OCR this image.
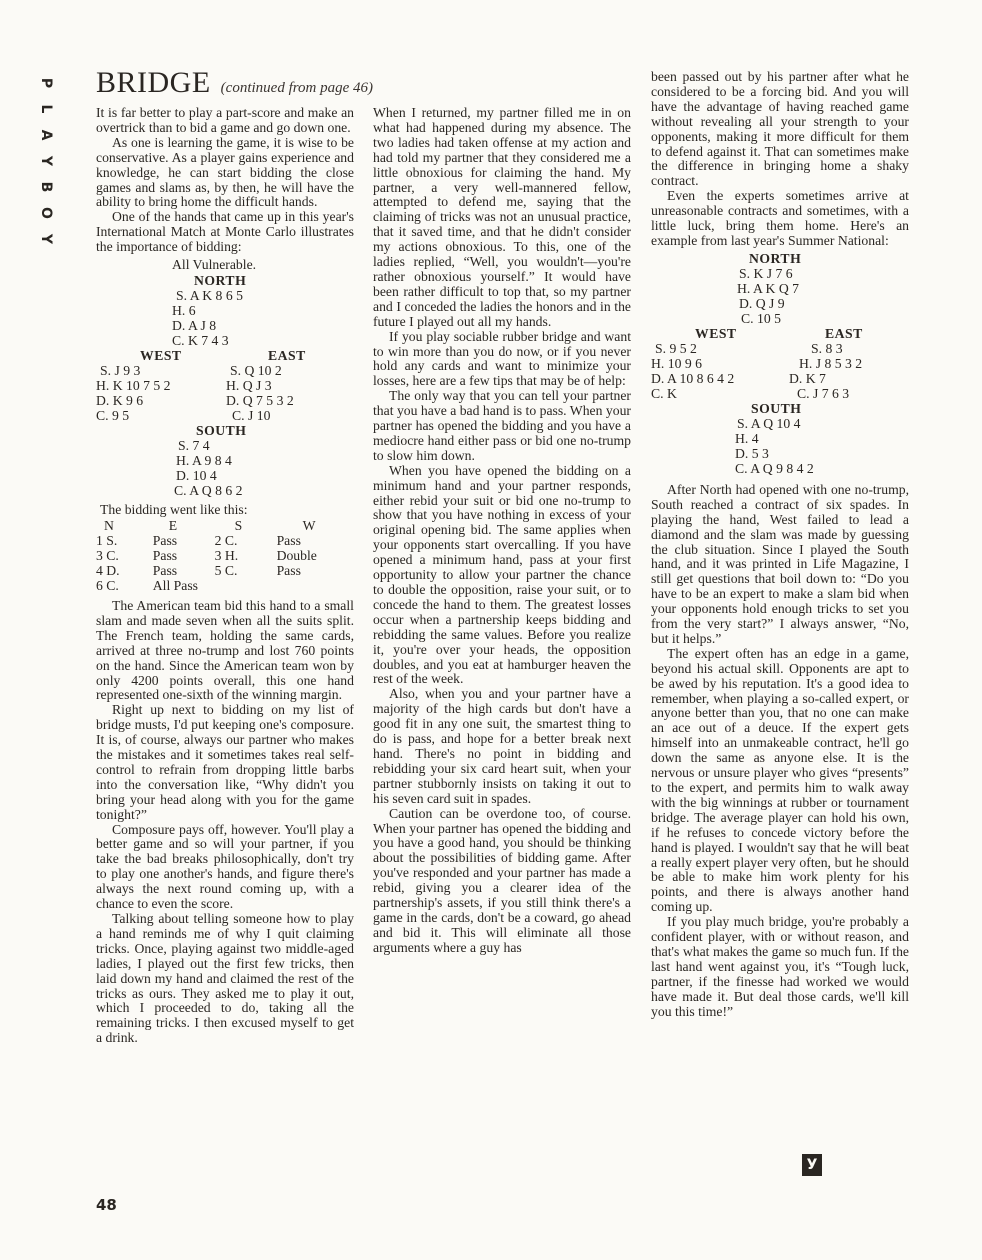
P
L
A
Y
B
O
Y
BRIDGE (continued from page 46)

It is far better to play a part-score and make an overtrick than to bid a game and go down one.

As one is learning the game, it is wise to be conservative. As a player gains experience and knowledge, he can start bidding the close games and slams as, by then, he will have the ability to bring home the difficult hands.

One of the hands that came up in this year's International Match at Monte Carlo illustrates the importance of bidding:

All Vulnerable.
NORTH
S. A K 8 6 5
H. 6
D. A J 8
C. K 7 4 3
WEST	EAST
S. J 9 3
H. K 10 7 5 2
D. K 9 6
C. 9 5
S. Q 10 2
H. Q J 3
D. Q 7 5 3 2
C. J 10
SOUTH
S. 7 4
H. A 9 8 4
D. 10 4
C. A Q 8 6 2

The bidding went like this:

N	E	S	W
1 S.	Pass	2 C.	Pass
3 C.	Pass	3 H.	Double
4 D.	Pass	5 C.	Pass
6 C.	All Pass		

The American team bid this hand to a small slam and made seven when all the suits split. The French team, holding the same cards, arrived at three no-trump and lost 760 points on the hand. Since the American team won by only 4200 points overall, this one hand represented one-sixth of the winning margin.

Right up next to bidding on my list of bridge musts, I'd put keeping one's composure. It is, of course, always our partner who makes the mistakes and it sometimes takes real self-control to refrain from dropping little barbs into the conversation like, “Why didn't you bring your head along with you for the game tonight?”

Composure pays off, however. You'll play a better game and so will your partner, if you take the bad breaks philosophically, don't try to play one another's hands, and figure there's always the next round coming up, with a chance to even the score.

Talking about telling someone how to play a hand reminds me of why I quit claiming tricks. Once, playing against two middle-aged ladies, I played out the first few tricks, then laid down my hand and claimed the rest of the tricks as ours. They asked me to play it out, which I proceeded to do, taking all the remaining tricks. I then excused myself to get a drink.

When I returned, my partner filled me in on what had happened during my absence. The two ladies had taken offense at my action and had told my partner that they considered me a little obnoxious for claiming the hand. My partner, a very well-mannered fellow, attempted to defend me, saying that the claiming of tricks was not an unusual practice, that it saved time, and that he didn't consider my actions obnoxious. To this, one of the ladies replied, “Well, you wouldn't—you're rather obnoxious yourself.” It would have been rather difficult to top that, so my partner and I conceded the ladies the honors and in the future I played out all my hands.

If you play sociable rubber bridge and want to win more than you do now, or if you never hold any cards and want to minimize your losses, here are a few tips that may be of help:

The only way that you can tell your partner that you have a bad hand is to pass. When your partner has opened the bidding and you have a mediocre hand either pass or bid one no-trump to slow him down.

When you have opened the bidding on a minimum hand and your partner responds, either rebid your suit or bid one no-trump to show that you have nothing in excess of your original opening bid. The same applies when your opponents start overcalling. If you have opened a minimum hand, pass at your first opportunity to allow your partner the chance to double the opposition, raise your suit, or to concede the hand to them. The greatest losses occur when a partnership keeps bidding and rebidding the same values. Before you realize it, you're over your heads, the opposition doubles, and you eat at hamburger heaven the rest of the week.

Also, when you and your partner have a majority of the high cards but don't have a good fit in any one suit, the smartest thing to do is pass, and hope for a better break next hand. There's no point in bidding and rebidding your six card heart suit, when your partner stubbornly insists on taking it out to his seven card suit in spades.

Caution can be overdone too, of course. When your partner has opened the bidding and you have a good hand, you should be thinking about the possibilities of bidding game. After you've responded and your partner has made a rebid, giving you a clearer idea of the partnership's assets, if you still think there's a game in the cards, don't be a coward, go ahead and bid it. This will eliminate all those arguments where a guy has

been passed out by his partner after what he considered to be a forcing bid. And you will have the advantage of having reached game without revealing all your strength to your opponents, making it more difficult for them to defend against it. That can sometimes make the difference in bringing home a shaky contract.

Even the experts sometimes arrive at unreasonable contracts and sometimes, with a little luck, bring them home. Here's an example from last year's Summer National:

NORTH
S. K J 7 6
H. A K Q 7
D. Q J 9
C. 10 5
WEST	EAST
S. 9 5 2
H. 10 9 6
D. A 10 8 6 4 2
C. K
S. 8 3
H. J 8 5 3 2
D. K 7
C. J 7 6 3
SOUTH
S. A Q 10 4
H. 4
D. 5 3
C. A Q 9 8 4 2

After North had opened with one no-trump, South reached a contract of six spades. In playing the hand, West failed to lead a diamond and the slam was made by guessing the club situation. Since I played the South hand, and it was printed in Life Magazine, I still get questions that boil down to: “Do you have to be an expert to make a slam bid when your opponents hold enough tricks to set you from the very start?” I always answer, “No, but it helps.”

The expert often has an edge in a game, beyond his actual skill. Opponents are apt to be awed by his reputation. It's a good idea to remember, when playing a so-called expert, or anyone better than you, that no one can make an ace out of a deuce. If the expert gets himself into an unmakeable contract, he'll go down the same as anyone else. It is the nervous or unsure player who gives “presents” to the expert, and permits him to walk away with the big winnings at rubber or tournament bridge. The average player can hold his own, if he refuses to concede victory before the hand is played. I wouldn't say that he will beat a really expert player very often, but he should be able to make him work plenty for his points, and there is always another hand coming up.

If you play much bridge, you're probably a confident player, with or without reason, and that's what makes the game so much fun. If the last hand went against you, it's “Tough luck, partner, if the finesse had worked we would have made it. But deal those cards, we'll kill you this time!”

У
48
